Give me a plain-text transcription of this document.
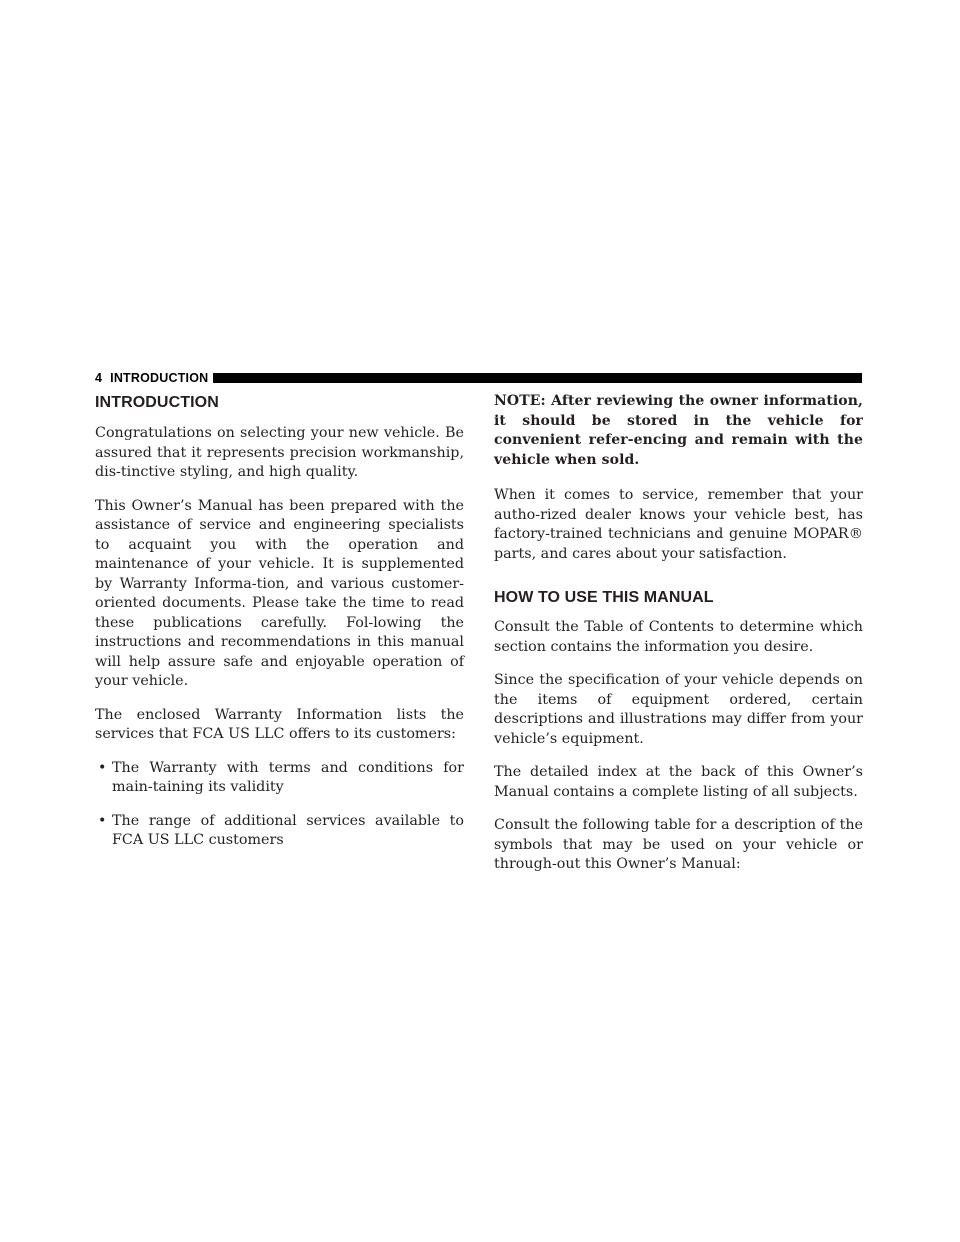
4 INTRODUCTION
INTRODUCTION

Congratulations on selecting your new vehicle. Be assured that it represents precision workmanship, dis-tinctive styling, and high quality.

This Owner’s Manual has been prepared with the assistance of service and engineering specialists to acquaint you with the operation and maintenance of your vehicle. It is supplemented by Warranty Informa-tion, and various customer-oriented documents. Please take the time to read these publications carefully. Fol-lowing the instructions and recommendations in this manual will help assure safe and enjoyable operation of your vehicle.

The enclosed Warranty Information lists the services that FCA US LLC offers to its customers:

• The Warranty with terms and conditions for main-taining its validity
• The range of additional services available to FCA US LLC customers

NOTE: After reviewing the owner information, it should be stored in the vehicle for convenient refer-encing and remain with the vehicle when sold.

When it comes to service, remember that your autho-rized dealer knows your vehicle best, has factory-trained technicians and genuine MOPAR® parts, and cares about your satisfaction.

HOW TO USE THIS MANUAL

Consult the Table of Contents to determine which section contains the information you desire.

Since the specification of your vehicle depends on the items of equipment ordered, certain descriptions and illustrations may differ from your vehicle’s equipment.

The detailed index at the back of this Owner’s Manual contains a complete listing of all subjects.

Consult the following table for a description of the symbols that may be used on your vehicle or through-out this Owner’s Manual:
